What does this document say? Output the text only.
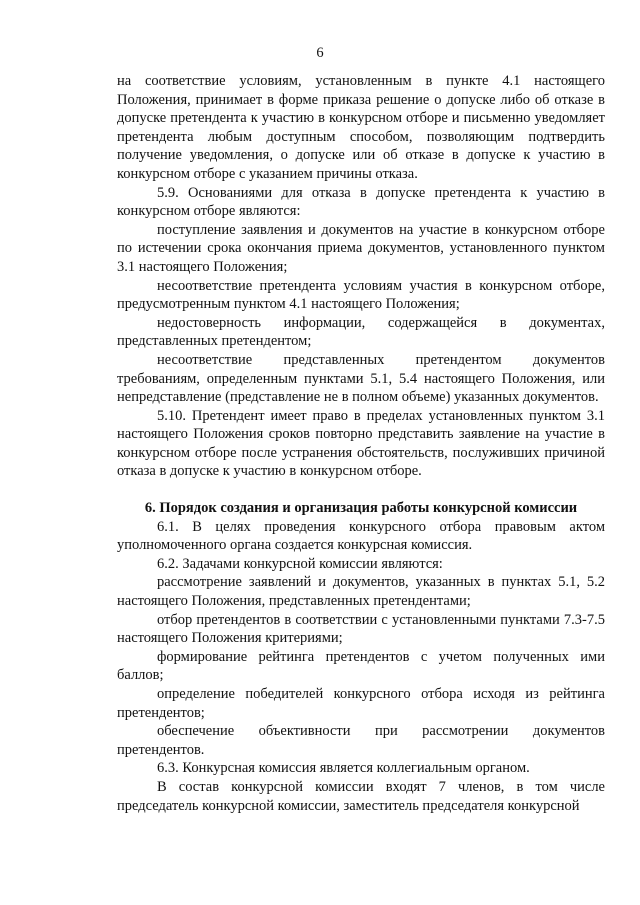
6

на соответствие условиям, установленным в пункте 4.1 настоящего Положения, принимает в форме приказа решение о допуске либо об отказе в допуске претендента к участию в конкурсном отборе и письменно уведомляет претендента любым доступным способом, позволяющим подтвердить получение уведомления, о допуске или об отказе в допуске к участию в конкурсном отборе с указанием причины отказа.

5.9. Основаниями для отказа в допуске претендента к участию в конкурсном отборе являются:

поступление заявления и документов на участие в конкурсном отборе по истечении срока окончания приема документов, установленного пунктом 3.1 настоящего Положения;

несоответствие претендента условиям участия в конкурсном отборе, предусмотренным пунктом 4.1 настоящего Положения;

недостоверность информации, содержащейся в документах, представленных претендентом;

несоответствие представленных претендентом документов требованиям, определенным пунктами 5.1, 5.4 настоящего Положения, или непредставление (представление не в полном объеме) указанных документов.

5.10. Претендент имеет право в пределах установленных пунктом 3.1 настоящего Положения сроков повторно представить заявление на участие в конкурсном отборе после устранения обстоятельств, послуживших причиной отказа в допуске к участию в конкурсном отборе.

6. Порядок создания и организация работы конкурсной комиссии

6.1. В целях проведения конкурсного отбора правовым актом уполномоченного органа создается конкурсная комиссия.

6.2. Задачами конкурсной комиссии являются:

рассмотрение заявлений и документов, указанных в пунктах 5.1, 5.2 настоящего Положения, представленных претендентами;

отбор претендентов в соответствии с установленными пунктами 7.3-7.5 настоящего Положения критериями;

формирование рейтинга претендентов с учетом полученных ими баллов;

определение победителей конкурсного отбора исходя из рейтинга претендентов;

обеспечение объективности при рассмотрении документов претендентов.

6.3. Конкурсная комиссия является коллегиальным органом.

В состав конкурсной комиссии входят 7 членов, в том числе председатель конкурсной комиссии, заместитель председателя конкурсной
